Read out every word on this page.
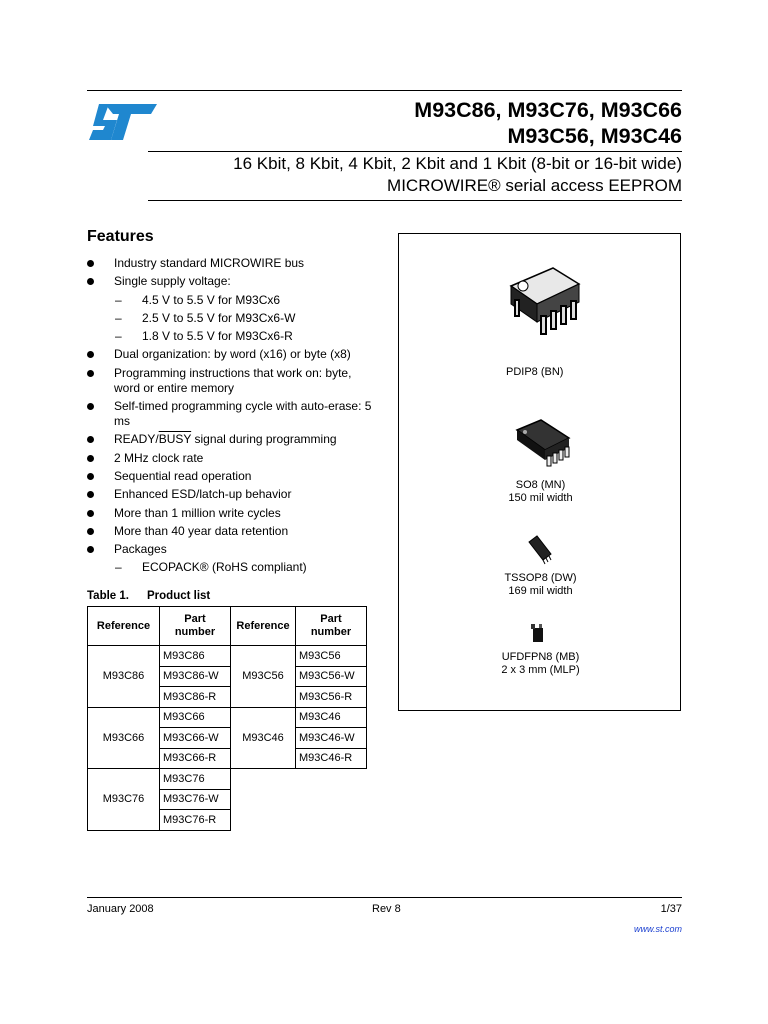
M93C86, M93C76, M93C66
M93C56, M93C46
16 Kbit, 8 Kbit, 4 Kbit, 2 Kbit and 1 Kbit (8-bit or 16-bit wide)
MICROWIRE® serial access EEPROM
Features
Industry standard MICROWIRE bus
Single supply voltage:
– 4.5 V to 5.5 V for M93Cx6
– 2.5 V to 5.5 V for M93Cx6-W
– 1.8 V to 5.5 V for M93Cx6-R
Dual organization: by word (x16) or byte (x8)
Programming instructions that work on: byte, word or entire memory
Self-timed programming cycle with auto-erase: 5 ms
READY/BUSY signal during programming
2 MHz clock rate
Sequential read operation
Enhanced ESD/latch-up behavior
More than 1 million write cycles
More than 40 year data retention
Packages
– ECOPACK® (RoHS compliant)
PDIP8 (BN)
SO8 (MN)
150 mil width
TSSOP8 (DW)
169 mil width
UFDFPN8 (MB)
2 x 3 mm (MLP)
Table 1. Product list
Reference	Part number	Reference	Part number
M93C86	M93C86	M93C56	M93C56
	M93C86-W		M93C56-W
	M93C86-R		M93C56-R
M93C66	M93C66	M93C46	M93C46
	M93C66-W		M93C46-W
	M93C66-R		M93C46-R
M93C76	M93C76		
	M93C76-W		
	M93C76-R		
January 2008	Rev 8	1/37
www.st.com
